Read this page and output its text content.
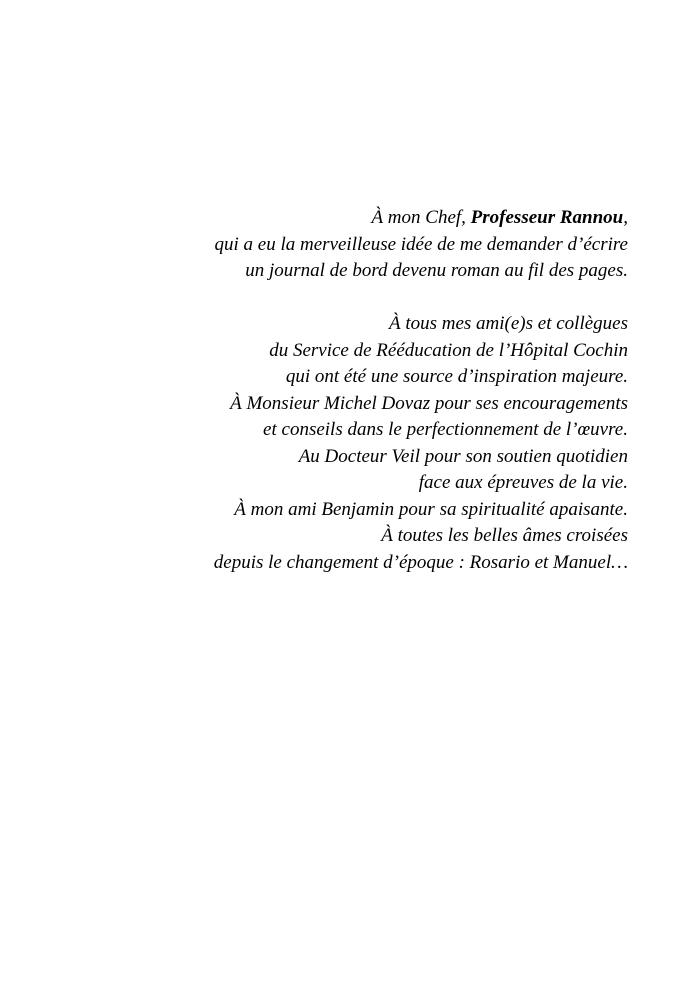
À mon Chef, Professeur Rannou,
qui a eu la merveilleuse idée de me demander d’écrire
un journal de bord devenu roman au fil des pages.
À tous mes ami(e)s et collègues
du Service de Rééducation de l’Hôpital Cochin
qui ont été une source d’inspiration majeure.
À Monsieur Michel Dovaz pour ses encouragements
et conseils dans le perfectionnement de l’œuvre.
Au Docteur Veil pour son soutien quotidien
face aux épreuves de la vie.
À mon ami Benjamin pour sa spiritualité apaisante.
À toutes les belles âmes croisées
depuis le changement d’époque : Rosario et Manuel…
